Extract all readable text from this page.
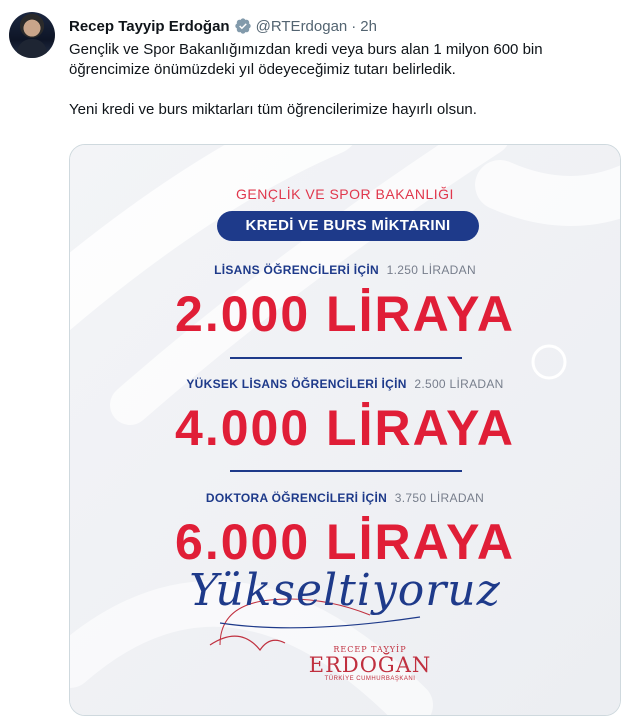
Recep Tayyip Erdoğan @RTErdogan · 2h

Gençlik ve Spor Bakanlığımızdan kredi veya burs alan 1 milyon 600 bin öğrencimize önümüzdeki yıl ödeyeceğimiz tutarı belirledik.

Yeni kredi ve burs miktarları tüm öğrencilerimize hayırlı olsun.

GENÇLİK VE SPOR BAKANLIĞI
KREDİ VE BURS MİKTARINI
LİSANS ÖĞRENCİLERİ İÇİN 1.250 LİRADAN
2.000 LİRAYA
YÜKSEK LİSANS ÖĞRENCİLERİ İÇİN 2.500 LİRADAN
4.000 LİRAYA
DOKTORA ÖĞRENCİLERİ İÇİN 3.750 LİRADAN
6.000 LİRAYA
Yükseltiyoruz
RECEP TAYYİP
ERDOĞAN
TÜRKİYE CUMHURBAŞKANI
